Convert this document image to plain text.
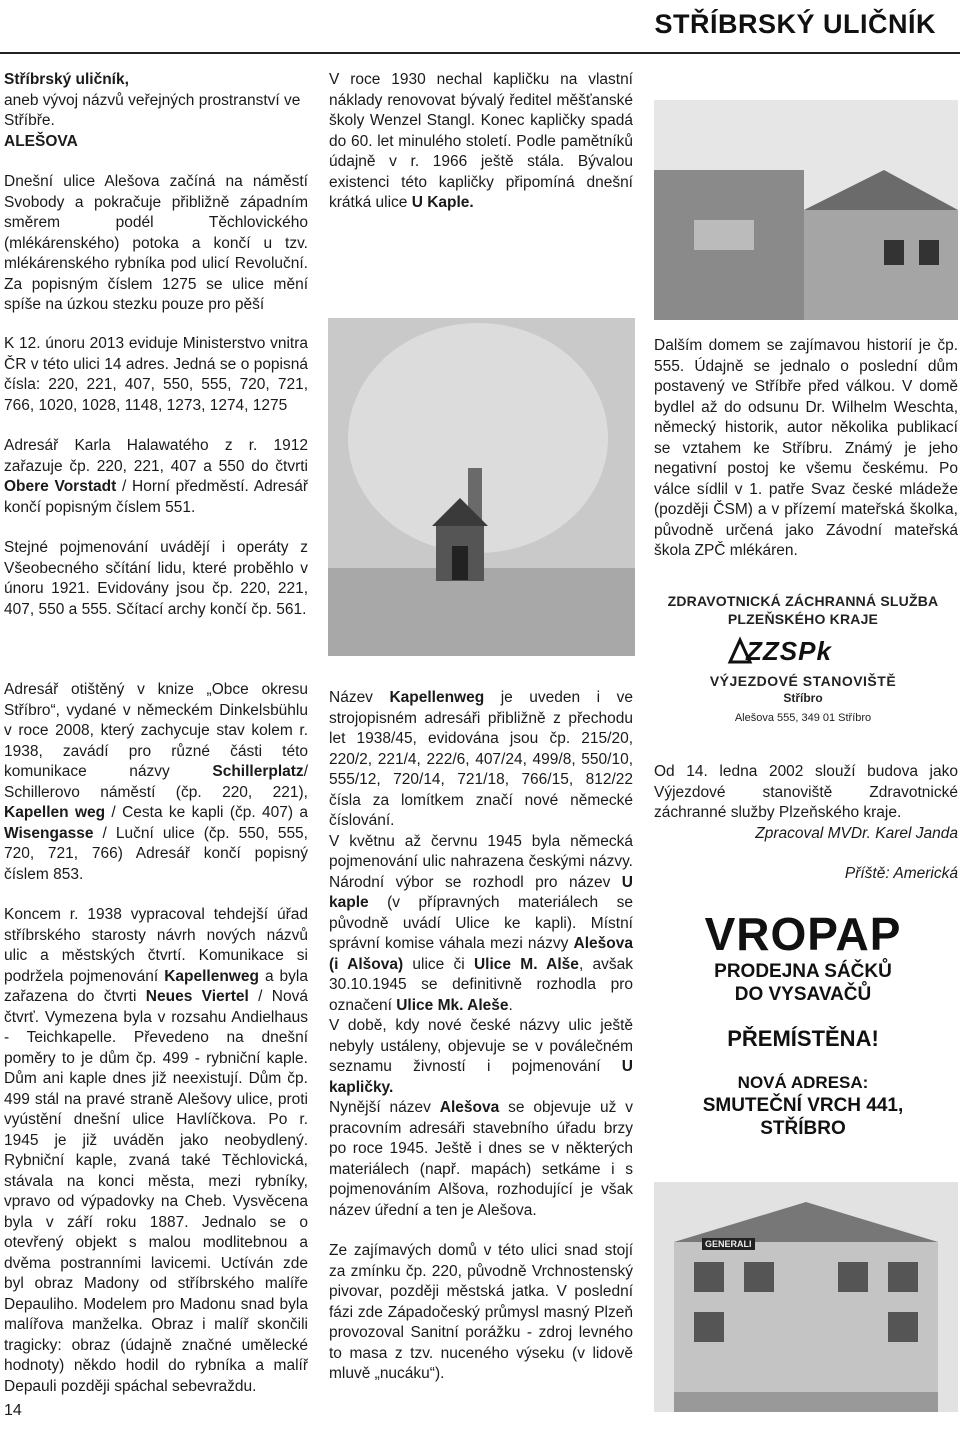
STŘÍBRSKÝ ULIČNÍK

Stříbrský uličník,

aneb vývoj názvů veřejných prostranství ve Stříbře.

ALEŠOVA

Dnešní ulice Alešova začíná na náměstí Svobody a pokračuje přibližně západním směrem podél Těchlovického (mlékárenského) potoka a končí u tzv. mlékárenského rybníka pod ulicí Revoluční. Za popisným číslem 1275 se ulice mění spíše na úzkou stezku pouze pro pěší

K 12. únoru 2013 eviduje Ministerstvo vnitra ČR v této ulici 14 adres. Jedná se o popisná čísla: 220, 221, 407, 550, 555, 720, 721, 766, 1020, 1028, 1148, 1273, 1274, 1275

Adresář Karla Halawatého z r. 1912 zařazuje čp. 220, 221, 407 a 550 do čtvrti Obere Vorstadt / Horní předměstí. Adresář končí popisným číslem 551.

Stejné pojmenování uvádějí i operáty z Všeobecného sčítání lidu, které proběhlo v únoru 1921. Evidovány jsou čp. 220, 221, 407, 550 a 555. Sčítací archy končí čp. 561.

Adresář otištěný v knize „Obce okresu Stříbro“, vydané v německém Dinkelsbühlu v roce 2008, který zachycuje stav kolem r. 1938, zavádí pro různé části této komunikace názvy Schillerplatz/ Schillerovo náměstí (čp. 220, 221), Kapellen weg / Cesta ke kapli (čp. 407) a Wisengasse / Luční ulice (čp. 550, 555, 720, 721, 766) Adresář končí popisný číslem 853.

Koncem r. 1938 vypracoval tehdejší úřad stříbrského starosty návrh nových názvů ulic a městských čtvrtí. Komunikace si podržela pojmenování Kapellenweg a byla zařazena do čtvrti Neues Viertel / Nová čtvrť. Vymezena byla v rozsahu Andielhaus - Teichkapelle. Převedeno na dnešní poměry to je dům čp. 499 - rybniční kaple. Dům ani kaple dnes již neexistují. Dům čp. 499 stál na pravé straně Alešovy ulice, proti vyústění dnešní ulice Havlíčkova. Po r. 1945 je již uváděn jako neobydlený. Rybniční kaple, zvaná také Těchlovická, stávala na konci města, mezi rybníky, vpravo od výpadovky na Cheb. Vysvěcena byla v září roku 1887. Jednalo se o otevřený objekt s malou modlitebnou a dvěma postranními lavicemi. Uctíván zde byl obraz Madony od stříbrského malíře Depauliho. Modelem pro Madonu snad byla malířova manželka. Obraz i malíř skončili tragicky: obraz (údajně značné umělecké hodnoty) někdo hodil do rybníka a malíř Depauli později spáchal sebevraždu.

V roce 1930 nechal kapličku na vlastní náklady renovovat bývalý ředitel měšťanské školy Wenzel Stangl. Konec kapličky spadá do 60. let minulého století. Podle pamětníků údajně v r. 1966 ještě stála. Bývalou existenci této kapličky připomíná dnešní krátká ulice U Kaple.

Název Kapellenweg je uveden i ve strojopisném adresáři přibližně z přechodu let 1938/45, evidována jsou čp. 215/20, 220/2, 221/4, 222/6, 407/24, 499/8, 550/10, 555/12, 720/14, 721/18, 766/15, 812/22 čísla za lomítkem značí nové německé číslování.

V květnu až červnu 1945 byla německá pojmenování ulic nahrazena českými názvy. Národní výbor se rozhodl pro název U kaple (v přípravných materiálech se původně uvádí Ulice ke kapli). Místní správní komise váhala mezi názvy Alešova (i Alšova) ulice či Ulice M. Alše, avšak 30.10.1945 se definitivně rozhodla pro označení Ulice Mk. Aleše.

V době, kdy nové české názvy ulic ještě nebyly ustáleny, objevuje se v poválečném seznamu živností i pojmenování U kapličky.

Nynější název Alešova se objevuje už v pracovním adresáři stavebního úřadu brzy po roce 1945. Ještě i dnes se v některých materiálech (např. mapách) setkáme i s pojmenováním Alšova, rozhodující je však název úřední a ten je Alešova.

Ze zajímavých domů v této ulici snad stojí za zmínku čp. 220, původně Vrchnostenský pivovar, později městská jatka. V poslední fázi zde Západočeský průmysl masný Plzeň provozoval Sanitní porážku - zdroj levného to masa z tzv. nuceného výseku (v lidově mluvě „nucáku“).

Dalším domem se zajímavou historií je čp. 555. Údajně se jednalo o poslední dům postavený ve Stříbře před válkou. V domě bydlel až do odsunu Dr. Wilhelm Weschta, německý historik, autor několika publikací se vztahem ke Stříbru. Známý je jeho negativní postoj ke všemu českému. Po válce sídlil v 1. patře Svaz české mládeže (později ČSM) a v přízemí mateřská školka, původně určená jako Závodní mateřská škola ZPČ mlékáren.

ZDRAVOTNICKÁ ZÁCHRANNÁ SLUŽBA
PLZEŇSKÉHO KRAJE
ZZSPk
VÝJEZDOVÉ STANOVIŠTĚ
Stříbro
Alešova 555, 349 01 Stříbro

Od 14. ledna 2002 slouží budova jako Výjezdové stanoviště Zdravotnické záchranné služby Plzeňského kraje.

Zpracoval MVDr. Karel Janda

Příště: Americká

VROPAP
PRODEJNA SÁČKŮ
DO VYSAVAČŮ
PŘEMÍSTĚNA!
NOVÁ ADRESA:
SMUTEČNÍ VRCH 441,
STŘÍBRO
GENERALI
14
